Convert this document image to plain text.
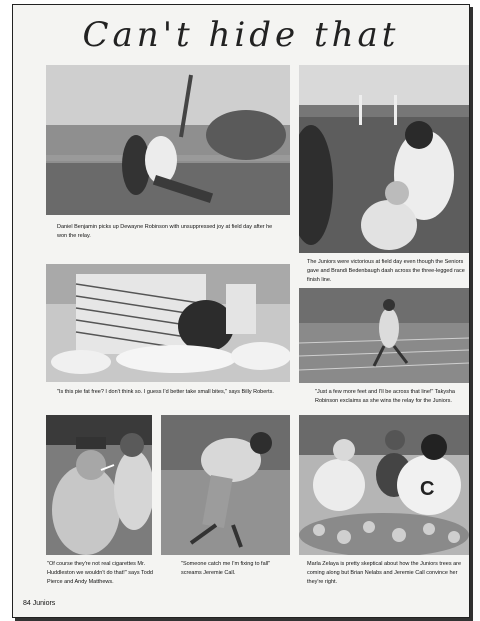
Can't hide that
Daniel Benjamin picks up Dewayne Robinson with unsuppressed joy at field day after he won the relay.
The Juniors were victorious at field day even though the Seniors gave and Brandi Bedenbaugh dash across the three-legged race finish line.
"Is this pie fat free? I don't think so. I guess I'd better take small bites," says Billy Roberts.	"Just a few more feet and I'll be across that line!" Takysha Robinson exclaims as she wins the relay for the Juniors.
"Of course they're not real cigarettes Mr. Huddleston we wouldn't do that!" says Todd Pierce and Andy Matthews.
"Someone catch me I'm fixing to fall" screams Jeremie Call.
C
Marla Zelaya is pretty skeptical about how the Juniors trees are coming along but Brian Nelabs and Jeremie Call convince her they're right.
84 Juniors
